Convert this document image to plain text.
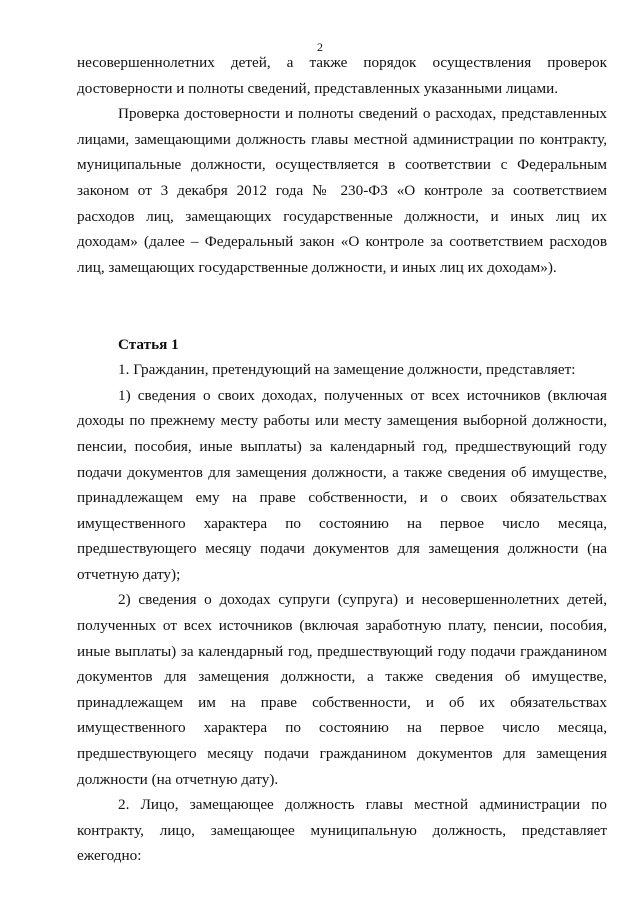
2

несовершеннолетних детей, а также порядок осуществления проверок достоверности и полноты сведений, представленных указанными лицами.

Проверка достоверности и полноты сведений о расходах, представленных лицами, замещающими должность главы местной администрации по контракту, муниципальные должности, осуществляется в соответствии с Федеральным законом от 3 декабря 2012 года № 230-ФЗ «О контроле за соответствием расходов лиц, замещающих государственные должности, и иных лиц их доходам» (далее – Федеральный закон «О контроле за соответствием расходов лиц, замещающих государственные должности, и иных лиц их доходам»).

Статья 1

1. Гражданин, претендующий на замещение должности, представляет:

1) сведения о своих доходах, полученных от всех источников (включая доходы по прежнему месту работы или месту замещения выборной должности, пенсии, пособия, иные выплаты) за календарный год, предшествующий году подачи документов для замещения должности, а также сведения об имуществе, принадлежащем ему на праве собственности, и о своих обязательствах имущественного характера по состоянию на первое число месяца, предшествующего месяцу подачи документов для замещения должности (на отчетную дату);

2) сведения о доходах супруги (супруга) и несовершеннолетних детей, полученных от всех источников (включая заработную плату, пенсии, пособия, иные выплаты) за календарный год, предшествующий году подачи гражданином документов для замещения должности, а также сведения об имуществе, принадлежащем им на праве собственности, и об их обязательствах имущественного характера по состоянию на первое число месяца, предшествующего месяцу подачи гражданином документов для замещения должности (на отчетную дату).

2. Лицо, замещающее должность главы местной администрации по контракту, лицо, замещающее муниципальную должность, представляет ежегодно:
